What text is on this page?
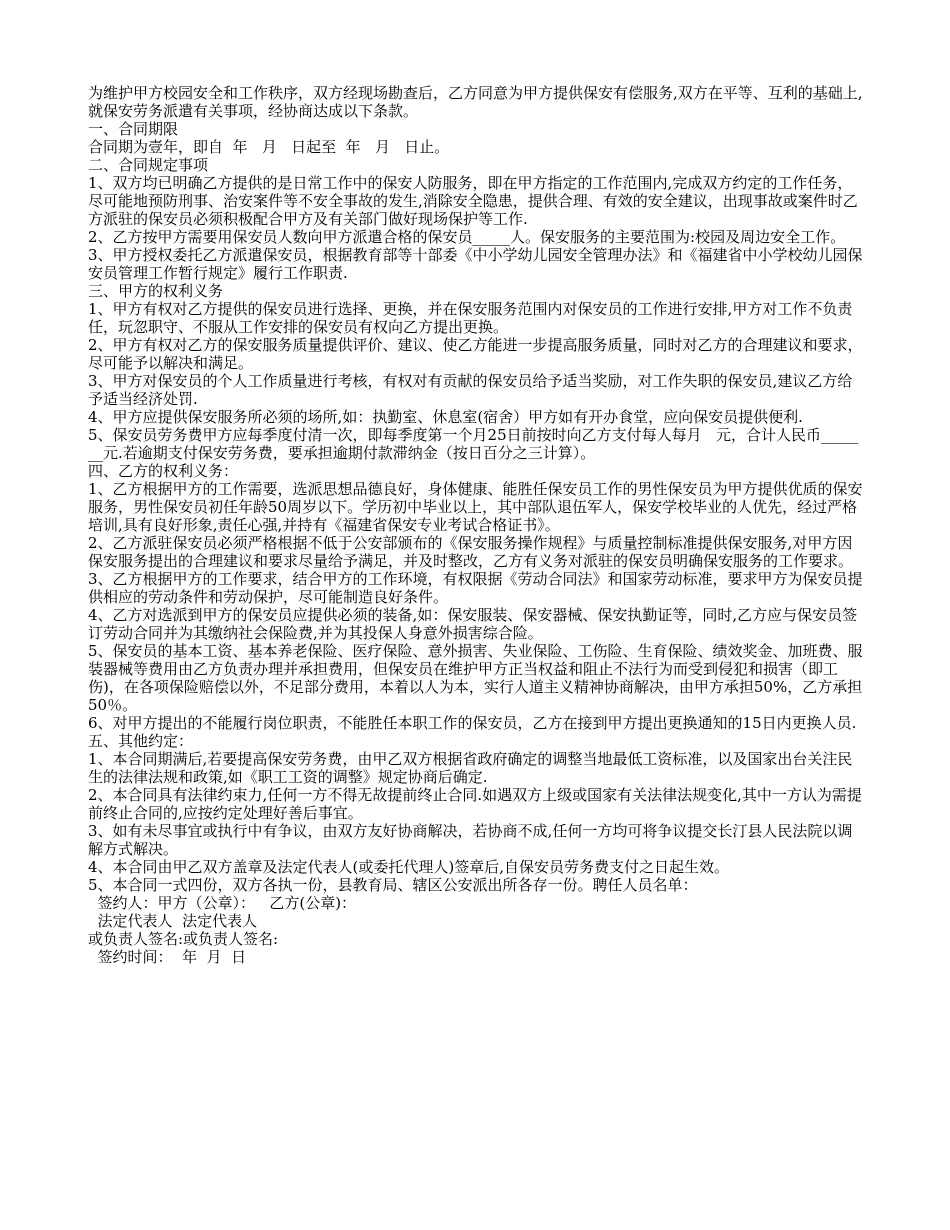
为维护甲方校园安全和工作秩序，双方经现场勘查后，乙方同意为甲方提供保安有偿服务,双方在平等、互利的基础上,就保安劳务派遣有关事项，经协商达成以下条款。

一、合同期限

合同期为壹年，即自  年   月   日起至  年   月   日止。

二、合同规定事项

1、双方均已明确乙方提供的是日常工作中的保安人防服务，即在甲方指定的工作范围内,完成双方约定的工作任务，尽可能地预防刑事、治安案件等不安全事故的发生,消除安全隐患，提供合理、有效的安全建议，出现事故或案件时乙方派驻的保安员必须积极配合甲方及有关部门做好现场保护等工作.

2、乙方按甲方需要用保安员人数向甲方派遣合格的保安员_____人。保安服务的主要范围为:校园及周边安全工作。

3、甲方授权委托乙方派遣保安员，根据教育部等十部委《中小学幼儿园安全管理办法》和《福建省中小学校幼儿园保安员管理工作暂行规定》履行工作职责.

三、甲方的权利义务

1、甲方有权对乙方提供的保安员进行选择、更换，并在保安服务范围内对保安员的工作进行安排,甲方对工作不负责任，玩忽职守、不服从工作安排的保安员有权向乙方提出更换。

2、甲方有权对乙方的保安服务质量提供评价、建议、使乙方能进一步提高服务质量，同时对乙方的合理建议和要求，尽可能予以解决和满足。

3、甲方对保安员的个人工作质量进行考核，有权对有贡献的保安员给予适当奖励，对工作失职的保安员,建议乙方给予适当经济处罚.

4、甲方应提供保安服务所必须的场所,如：执勤室、休息室(宿舍）甲方如有开办食堂，应向保安员提供便利.

5、保安员劳务费甲方应每季度付清一次，即每季度第一个月25日前按时向乙方支付每人每月   元，合计人民币_______元.若逾期支付保安劳务费，要承担逾期付款滞纳金（按日百分之三计算）。

四、乙方的权利义务：

1、乙方根据甲方的工作需要，选派思想品德良好，身体健康、能胜任保安员工作的男性保安员为甲方提供优质的保安服务，男性保安员初任年龄50周岁以下。学历初中毕业以上，其中部队退伍军人，保安学校毕业的人优先，经过严格培训,具有良好形象,责任心强,并持有《福建省保安专业考试合格证书》。

2、乙方派驻保安员必须严格根据不低于公安部颁布的《保安服务操作规程》与质量控制标准提供保安服务,对甲方因保安服务提出的合理建议和要求尽量给予满足，并及时整改，乙方有义务对派驻的保安员明确保安服务的工作要求。

3、乙方根据甲方的工作要求，结合甲方的工作环境，有权限据《劳动合同法》和国家劳动标准，要求甲方为保安员提供相应的劳动条件和劳动保护，尽可能制造良好条件。

4、乙方对选派到甲方的保安员应提供必须的装备,如：保安服装、保安器械、保安执勤证等，同时,乙方应与保安员签订劳动合同并为其缴纳社会保险费,并为其投保人身意外损害综合险。

5、保安员的基本工资、基本养老保险、医疗保险、意外损害、失业保险、工伤险、生育保险、绩效奖金、加班费、服装器械等费用由乙方负责办理并承担费用，但保安员在维护甲方正当权益和阻止不法行为而受到侵犯和损害（即工伤)，在各项保险赔偿以外，不足部分费用，本着以人为本，实行人道主义精神协商解决，由甲方承担50%，乙方承担50％。

6、对甲方提出的不能履行岗位职责，不能胜任本职工作的保安员，乙方在接到甲方提出更换通知的15日内更换人员.

五、其他约定：

1、本合同期满后,若要提高保安劳务费，由甲乙双方根据省政府确定的调整当地最低工资标准，以及国家出台关注民生的法律法规和政策,如《职工工资的调整》规定协商后确定.

2、本合同具有法律约束力,任何一方不得无故提前终止合同.如遇双方上级或国家有关法律法规变化,其中一方认为需提前终止合同的,应按约定处理好善后事宜。

3、如有未尽事宜或执行中有争议，由双方友好协商解决，若协商不成,任何一方均可将争议提交长汀县人民法院以调解方式解决。

4、本合同由甲乙双方盖章及法定代表人(或委托代理人)签章后,自保安员劳务费支付之日起生效。

5、本合同一式四份，双方各执一份，县教育局、辖区公安派出所各存一份。聘任人员名单：

签约人：甲方（公章）：   乙方(公章)：

法定代表人  法定代表人

或负责人签名:或负责人签名:

签约时间：  年  月  日
